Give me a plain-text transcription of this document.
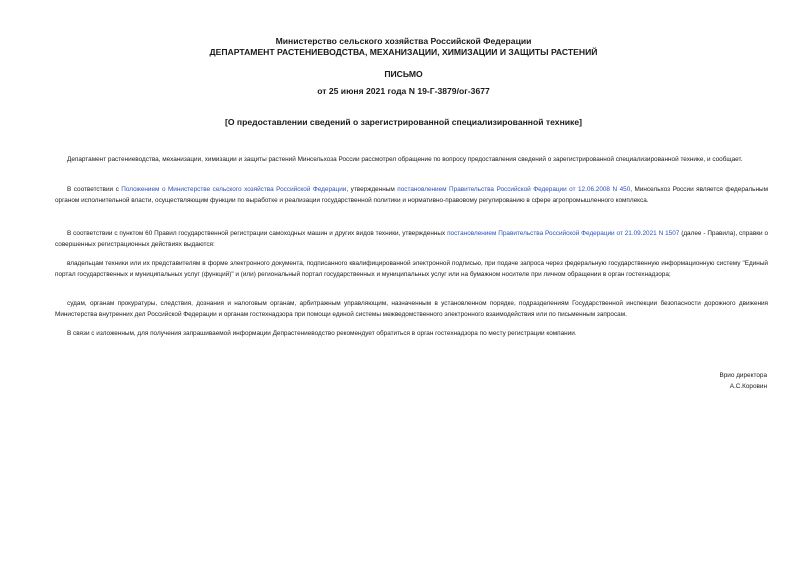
Министерство сельского хозяйства Российской Федерации
ДЕПАРТАМЕНТ РАСТЕНИЕВОДСТВА, МЕХАНИЗАЦИИ, ХИМИЗАЦИИ И ЗАЩИТЫ РАСТЕНИЙ
ПИСЬМО
от 25 июня 2021 года N 19-Г-3879/ог-3677
[О предоставлении сведений о зарегистрированной специализированной технике]

Департамент растениеводства, механизации, химизации и защиты растений Минсельхоза России рассмотрел обращение по вопросу предоставления сведений о зарегистрированной специализированной технике, и сообщает.

В соответствии с Положением о Министерстве сельского хозяйства Российской Федерации, утвержденным постановлением Правительства Российской Федерации от 12.06.2008 N 450, Минсельхоз России является федеральным органом исполнительной власти, осуществляющим функции по выработке и реализации государственной политики и нормативно-правовому регулированию в сфере агропромышленного комплекса.

В соответствии с пунктом 60 Правил государственной регистрации самоходных машин и других видов техники, утвержденных постановлением Правительства Российской Федерации от 21.09.2021 N 1507 (далее - Правила), справки о совершенных регистрационных действиях выдаются:

владельцам техники или их представителям в форме электронного документа, подписанного квалифицированной электронной подписью, при подаче запроса через федеральную государственную информационную систему "Единый портал государственных и муниципальных услуг (функций)" и (или) региональный портал государственных и муниципальных услуг или на бумажном носителе при личном обращении в орган гостехнадзора;

судам, органам прокуратуры, следствия, дознания и налоговым органам, арбитражным управляющим, назначенным в установленном порядке, подразделениям Государственной инспекции безопасности дорожного движения Министерства внутренних дел Российской Федерации и органам гостехнадзора при помощи единой системы межведомственного электронного взаимодействия или по письменным запросам.

В связи с изложенным, для получения запрашиваемой информации Депрастениеводство рекомендует обратиться в орган гостехнадзора по месту регистрации компании.

Врио директора
А.С.Коровин
